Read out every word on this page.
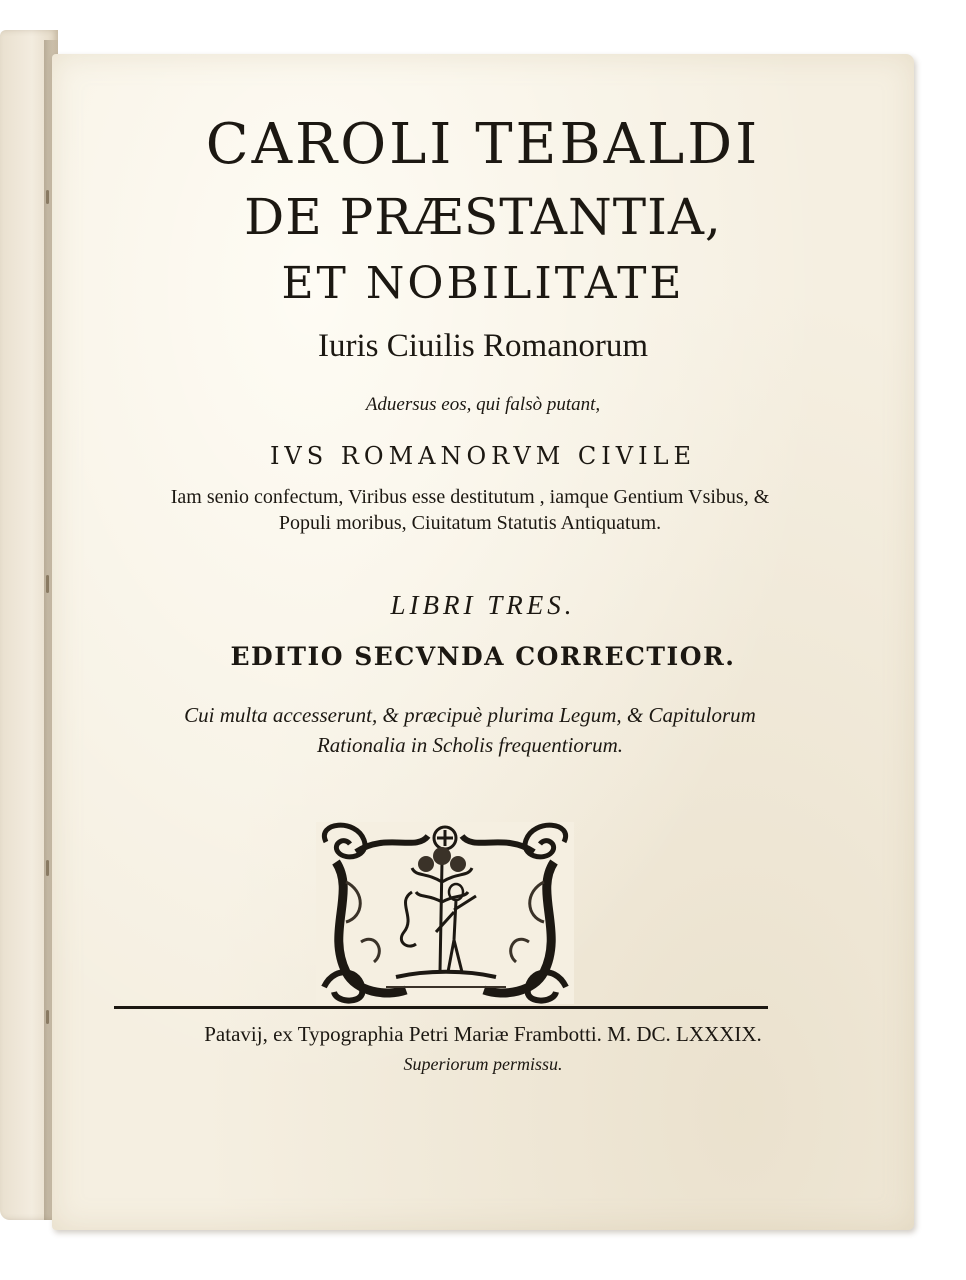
CAROLI TEBALDI
DE PRÆSTANTIA,
ET NOBILITATE
Iuris Ciuilis Romanorum
Aduersus eos, qui falsò putant,
IVS ROMANORVM CIVILE
Iam senio confectum, Viribus esse destitutum , iamque Gentium Vsibus, & Populi moribus, Ciuitatum Statutis Antiquatum.
LIBRI TRES.
EDITIO SECVNDA CORRECTIOR.
Cui multa accesserunt, & præcipuè plurima Legum, & Capitulorum Rationalia in Scholis frequentiorum.
Patavij, ex Typographia Petri Mariæ Frambotti. M. DC. LXXXIX.
Superiorum permissu.
